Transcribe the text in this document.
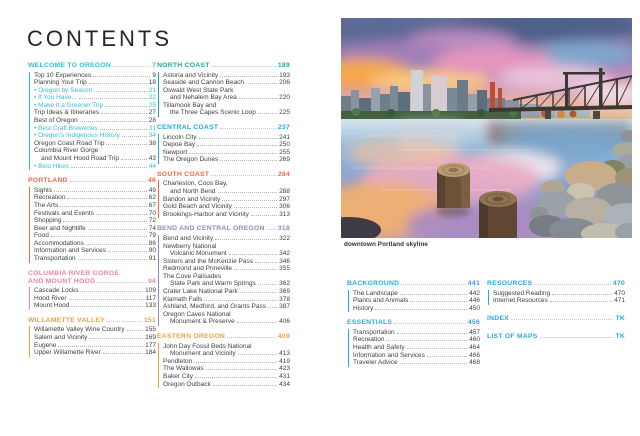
CONTENTS
WELCOME TO OREGON	7
Top 10 Experiences	9
Planning Your Trip	18
• Oregon by Season	21
• If You Have...	22
• Make It a Greener Trip	25
Trip Ideas & Itineraries	27
Best of Oregon	28
• Best Craft Breweries	31
• Oregon's Indigenous History	34
Oregon Coast Road Trip	38
Columbia River Gorge
and Mount Hood Road Trip	43
• Best Hikes	44
PORTLAND	46
Sights	49
Recreation	62
The Arts	67
Festivals and Events	70
Shopping	72
Beer and Nightlife	74
Food	79
Accommodations	86
Information and Services	90
Transportation	91
COLUMBIA RIVER GORGE
AND MOUNT HOOD	94
Cascade Locks	109
Hood River	117
Mount Hood	133
WILLAMETTE VALLEY	151
Willamette Valley Wine Country	155
Salem and Vicinity	169
Eugene	177
Upper Willamette River	184
NORTH COAST	189
Astoria and Vicinity	193
Seaside and Cannon Beach	206
Oswald West State Park
and Nehalem Bay Area	220
Tillamook Bay and
the Three Capes Scenic Loop	225
CENTRAL COAST	237
Lincoln City	241
Depoe Bay	250
Newport	255
The Oregon Dunes	269
SOUTH COAST	284
Charleston, Coos Bay,
and North Bend	288
Bandon and Vicinity	297
Gold Beach and Vicinity	306
Brookings-Harbor and Vicinity	313
BEND AND CENTRAL OREGON 318
Bend and Vicinity	322
Newberry National
Volcanic Monument	342
Sisters and the McKenzie Pass	346
Redmond and Prineville	355
The Cove Palisades
State Park and Warm Springs	362
Crater Lake National Park	369
Klamath Falls	378
Ashland, Medford, and Grants Pass 387
Oregon Caves National
Monument & Preserve	406
EASTERN OREGON	409
John Day Fossil Beds National
Monument and Vicinity	413
Pendleton	419
The Wallowas	423
Baker City	431
Oregon Outback	434
BACKGROUND	441
The Landscape	442
Plants and Animals	446
History	450
ESSENTIALS	456
Transportation	457
Recreation	460
Health and Safety	464
Information and Services	466
Traveler Advice	468
RESOURCES	470
Suggested Reading	470
Internet Resources	471
INDEX	TK
LIST OF MAPS	TK
downtown Portland skyline
